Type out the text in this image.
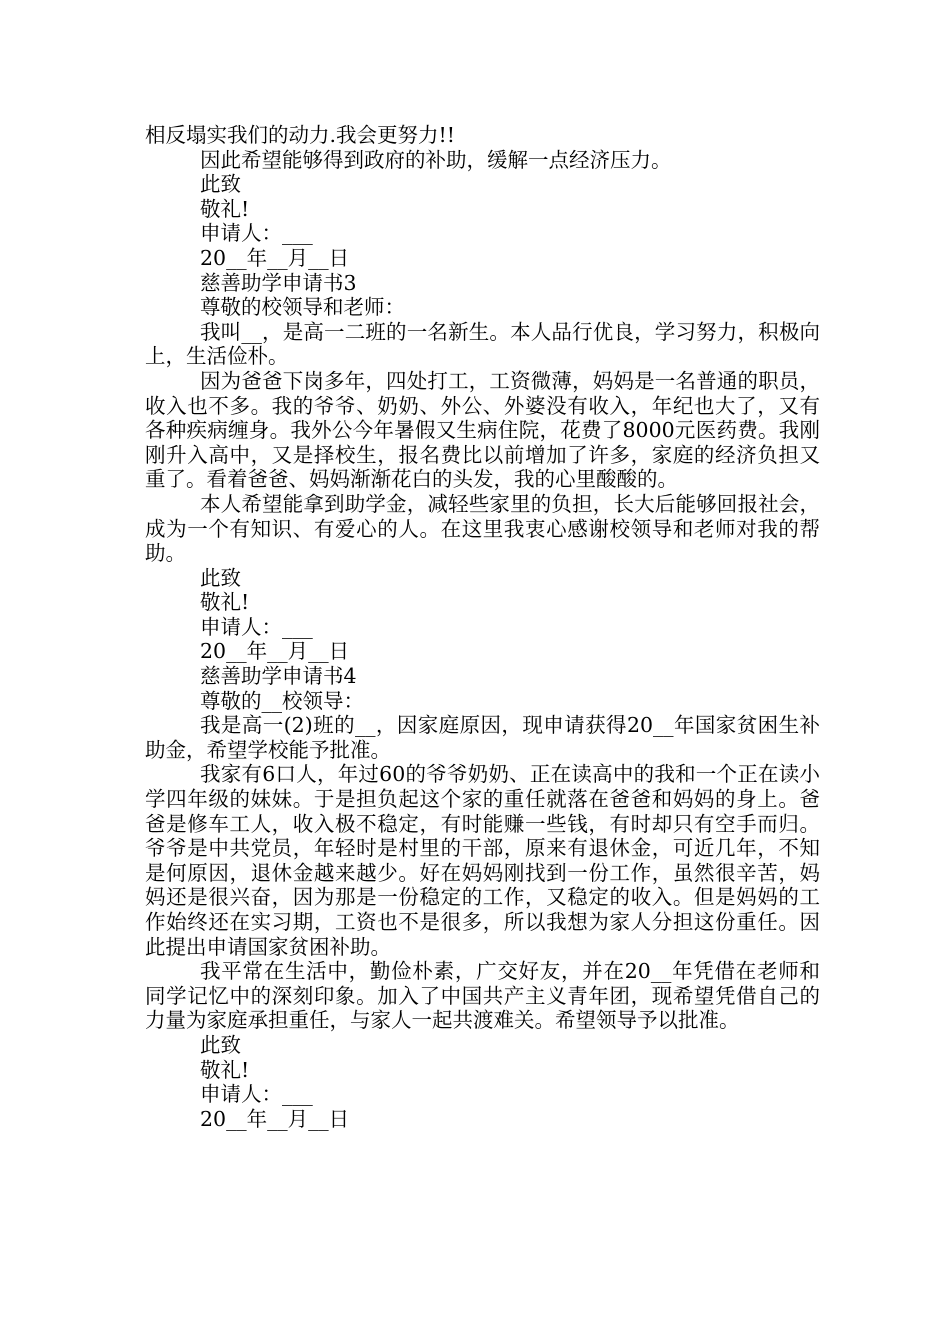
相反塌实我们的动力.我会更努力!!

因此希望能够得到政府的补助，缓解一点经济压力。

此致

敬礼!

申请人：___

20__年__月__日

慈善助学申请书3

尊敬的校领导和老师：

我叫__，是高一二班的一名新生。本人品行优良，学习努力，积极向上，生活俭朴。

因为爸爸下岗多年，四处打工，工资微薄，妈妈是一名普通的职员，收入也不多。我的爷爷、奶奶、外公、外婆没有收入，年纪也大了，又有各种疾病缠身。我外公今年暑假又生病住院，花费了8000元医药费。我刚刚升入高中，又是择校生，报名费比以前增加了许多，家庭的经济负担又重了。看着爸爸、妈妈渐渐花白的头发，我的心里酸酸的。

本人希望能拿到助学金，减轻些家里的负担，长大后能够回报社会，成为一个有知识、有爱心的人。在这里我衷心感谢校领导和老师对我的帮助。

此致

敬礼!

申请人：___

20__年__月__日

慈善助学申请书4

尊敬的__校领导：

我是高一(2)班的__，因家庭原因，现申请获得20__年国家贫困生补助金，希望学校能予批准。

我家有6口人，年过60的爷爷奶奶、正在读高中的我和一个正在读小学四年级的妹妹。于是担负起这个家的重任就落在爸爸和妈妈的身上。爸爸是修车工人，收入极不稳定，有时能赚一些钱，有时却只有空手而归。爷爷是中共党员，年轻时是村里的干部，原来有退休金，可近几年，不知是何原因，退休金越来越少。好在妈妈刚找到一份工作，虽然很辛苦，妈妈还是很兴奋，因为那是一份稳定的工作，又稳定的收入。但是妈妈的工作始终还在实习期，工资也不是很多，所以我想为家人分担这份重任。因此提出申请国家贫困补助。

我平常在生活中，勤俭朴素，广交好友，并在20__年凭借在老师和同学记忆中的深刻印象。加入了中国共产主义青年团，现希望凭借自己的力量为家庭承担重任，与家人一起共渡难关。希望领导予以批准。

此致

敬礼!

申请人：___

20__年__月__日
